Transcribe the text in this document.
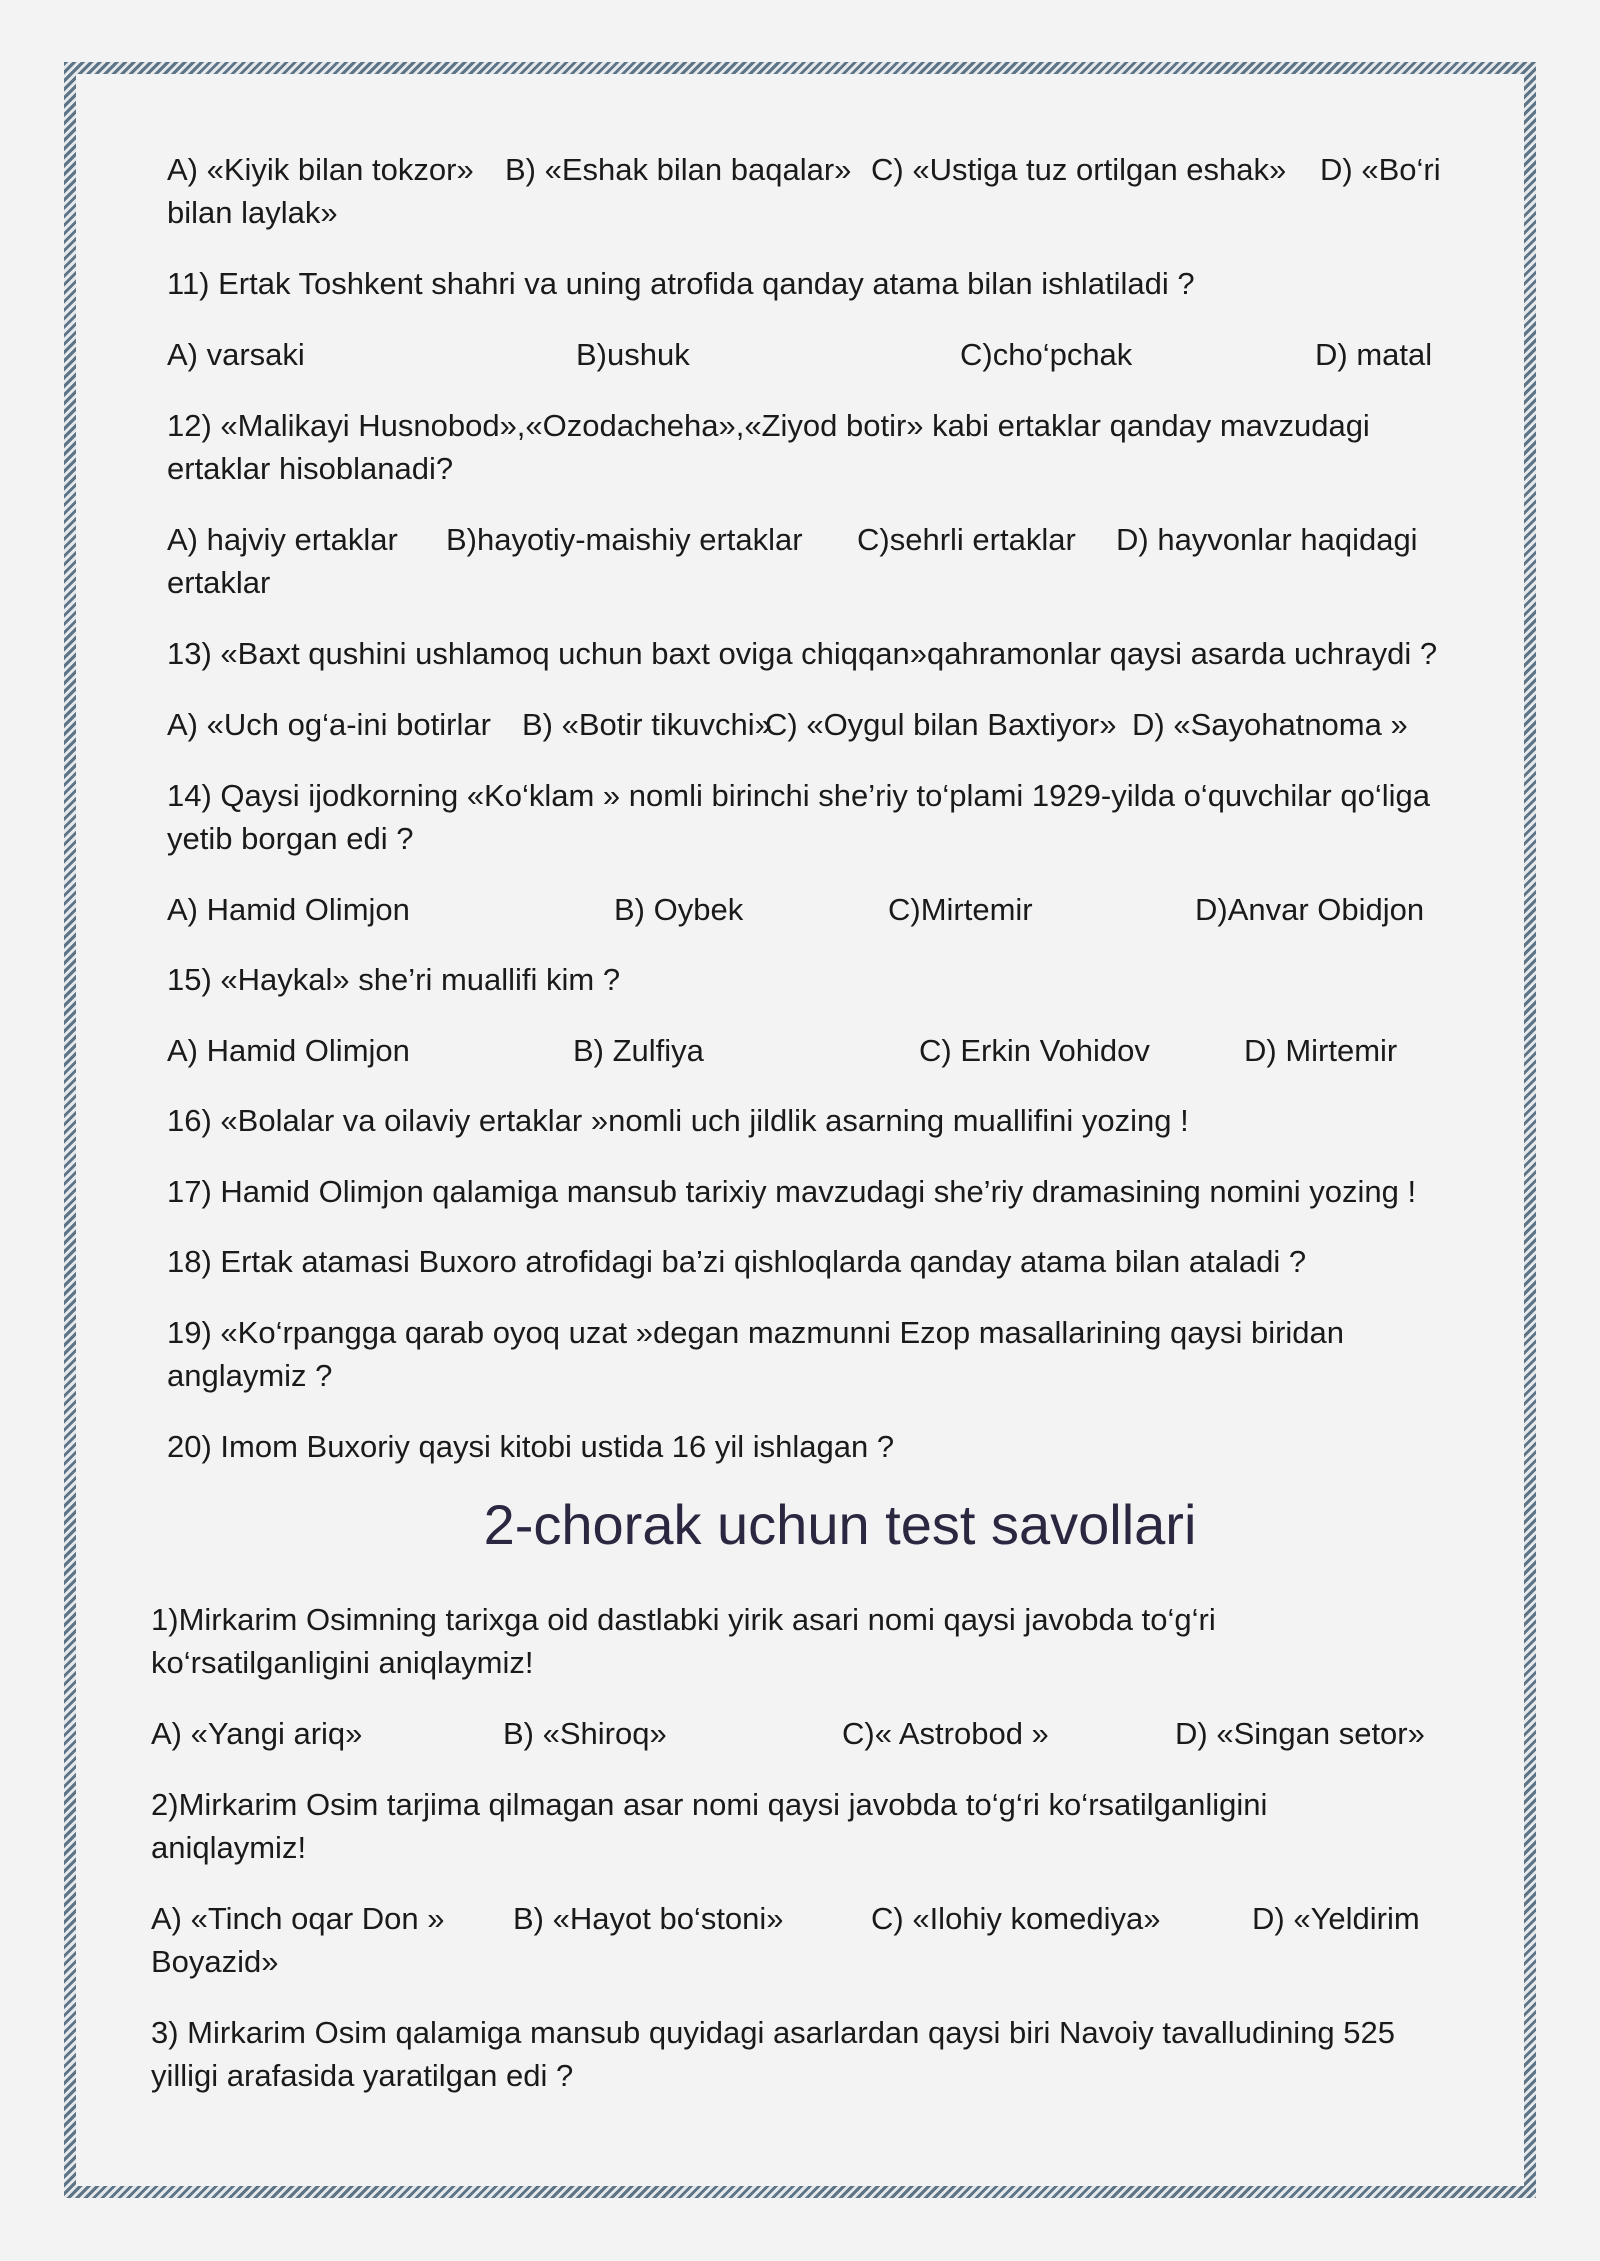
A) «Kiyik bilan tokzor» B) «Eshak bilan baqalar» C) «Ustiga tuz ortilgan eshak» D) «Bo‘ri
bilan laylak»

11) Ertak Toshkent shahri va uning atrofida qanday atama bilan ishlatiladi ?

A) varsaki	B)ushuk	C)cho‘pchak	D) matal

12) «Malikayi Husnobod»,«Ozodacheha»,«Ziyod botir» kabi ertaklar qanday mavzudagi

ertaklar hisoblanadi?

A) hajviy ertaklar B)hayotiy-maishiy ertaklar C)sehrli ertaklar D) hayvonlar haqidagi
ertaklar

13) «Baxt qushini ushlamoq uchun baxt oviga chiqqan»qahramonlar qaysi asarda uchraydi ?

A) «Uch og‘a-ini botirlar B) «Botir tikuvchi»
C) «Oygul bilan Baxtiyor» D) «Sayohatnoma »

14) Qaysi ijodkorning «Ko‘klam » nomli birinchi she’riy to‘plami 1929-yilda o‘quvchilar qo‘liga

yetib borgan edi ?

A) Hamid Olimjon	B) Oybek	C)Mirtemir	D)Anvar Obidjon

15) «Haykal» she’ri muallifi kim ?

A) Hamid Olimjon	B) Zulfiya	C) Erkin Vohidov	D) Mirtemir

16) «Bolalar va oilaviy ertaklar »nomli uch jildlik asarning muallifini yozing !

17) Hamid Olimjon qalamiga mansub tarixiy mavzudagi she’riy dramasining nomini yozing !

18) Ertak atamasi Buxoro atrofidagi ba’zi qishloqlarda qanday atama bilan ataladi ?

19) «Ko‘rpangga qarab oyoq uzat »degan mazmunni Ezop masallarining qaysi biridan

anglaymiz ?

20) Imom Buxoriy qaysi kitobi ustida 16 yil ishlagan ?

2-chorak uchun test savollari

1)Mirkarim Osimning tarixga oid dastlabki yirik asari nomi qaysi javobda to‘g‘ri

ko‘rsatilganligini aniqlaymiz!

A) «Yangi ariq»	B) «Shiroq»	C)« Astrobod »	D) «Singan setor»

2)Mirkarim Osim tarjima qilmagan asar nomi qaysi javobda to‘g‘ri ko‘rsatilganligini

aniqlaymiz!

A) «Tinch oqar Don » B) «Hayot bo‘stoni»	C) «Ilohiy komediya»	D) «Yeldirim
Boyazid»

3) Mirkarim Osim qalamiga mansub quyidagi asarlardan qaysi biri Navoiy tavalludining 525

yilligi arafasida yaratilgan edi ?
